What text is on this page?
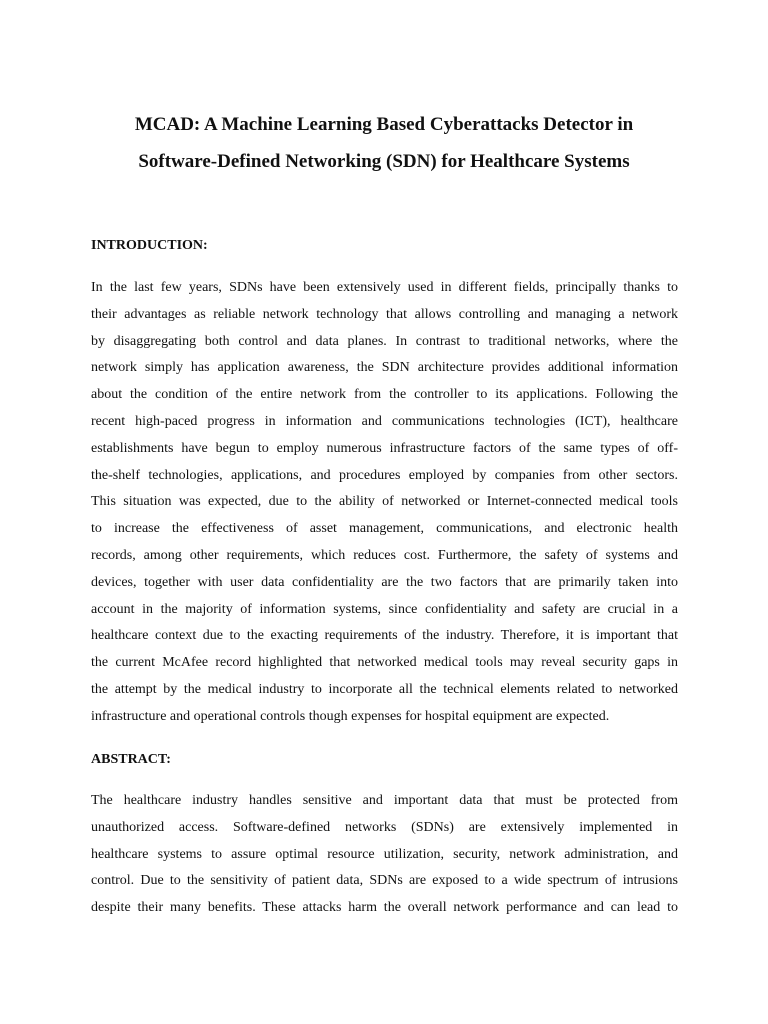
MCAD: A Machine Learning Based Cyberattacks Detector in
Software-Defined Networking (SDN) for Healthcare Systems
INTRODUCTION:
In the last few years, SDNs have been extensively used in different fields, principally thanks to
their advantages as reliable network technology that allows controlling and managing a network
by disaggregating both control and data planes. In contrast to traditional networks, where the
network simply has application awareness, the SDN architecture provides additional information
about the condition of the entire network from the controller to its applications. Following the
recent high-paced progress in information and communications technologies (ICT), healthcare
establishments have begun to employ numerous infrastructure factors of the same types of off-
the-shelf technologies, applications, and procedures employed by companies from other sectors.
This situation was expected, due to the ability of networked or Internet-connected medical tools
to increase the effectiveness of asset management, communications, and electronic health
records, among other requirements, which reduces cost. Furthermore, the safety of systems and
devices, together with user data confidentiality are the two factors that are primarily taken into
account in the majority of information systems, since confidentiality and safety are crucial in a
healthcare context due to the exacting requirements of the industry. Therefore, it is important that
the current McAfee record highlighted that networked medical tools may reveal security gaps in
the attempt by the medical industry to incorporate all the technical elements related to networked
infrastructure and operational controls though expenses for hospital equipment are expected.
ABSTRACT:
The healthcare industry handles sensitive and important data that must be protected from
unauthorized access. Software-defined networks (SDNs) are extensively implemented in
healthcare systems to assure optimal resource utilization, security, network administration, and
control. Due to the sensitivity of patient data, SDNs are exposed to a wide spectrum of intrusions
despite their many benefits. These attacks harm the overall network performance and can lead to
